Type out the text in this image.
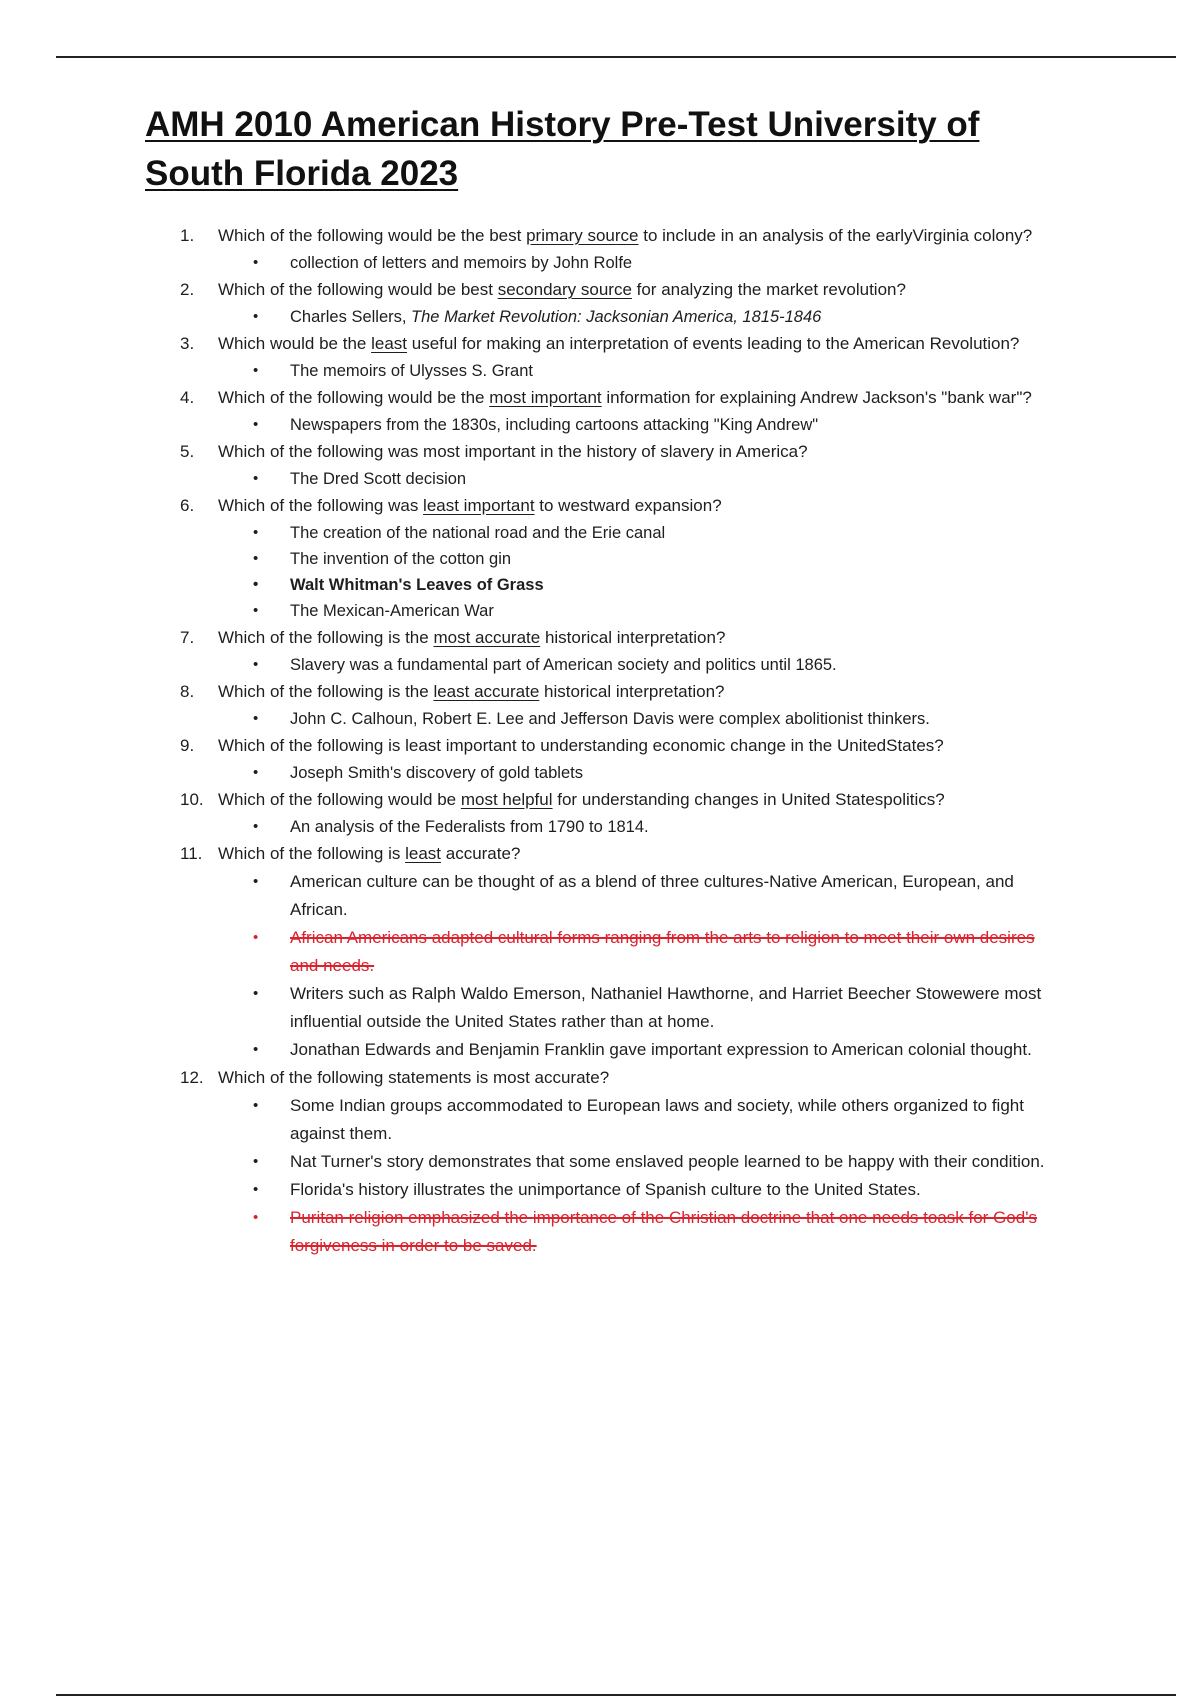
AMH 2010 American History Pre-Test University of South Florida 2023
1.	Which of the following would be the best primary source to include in an analysis of the earlyVirginia colony?

• collection of letters and memoirs by John Rolfe
2.	Which of the following would be best secondary source for analyzing the market revolution?

• Charles Sellers, The Market Revolution: Jacksonian America, 1815-1846
3.	Which would be the least useful for making an interpretation of events leading to the American Revolution?

• The memoirs of Ulysses S. Grant
4.	Which of the following would be the most important information for explaining Andrew Jackson's "bank war"?

• Newspapers from the 1830s, including cartoons attacking "King Andrew"
5.	Which of the following was most important in the history of slavery in America?

• The Dred Scott decision
6.	Which of the following was least important to westward expansion?

• The creation of the national road and the Erie canal
• The invention of the cotton gin
• Walt Whitman's Leaves of Grass
• The Mexican-American War
7.	Which of the following is the most accurate historical interpretation?

• Slavery was a fundamental part of American society and politics until 1865.
8.	Which of the following is the least accurate historical interpretation?

• John C. Calhoun, Robert E. Lee and Jefferson Davis were complex abolitionist thinkers.
9.	Which of the following is least important to understanding economic change in the UnitedStates?

• Joseph Smith's discovery of gold tablets
10. Which of the following would be most helpful for understanding changes in United Statespolitics?

• An analysis of the Federalists from 1790 to 1814.
11. Which of the following is least accurate?

• American culture can be thought of as a blend of three cultures-Native American, European, and African.
• African Americans adapted cultural forms ranging from the arts to religion to meet their own desires and needs.
• Writers such as Ralph Waldo Emerson, Nathaniel Hawthorne, and Harriet Beecher Stowewere most influential outside the United States rather than at home.
• Jonathan Edwards and Benjamin Franklin gave important expression to American colonial thought.
12. Which of the following statements is most accurate?

• Some Indian groups accommodated to European laws and society, while others organized to fight against them.
• Nat Turner's story demonstrates that some enslaved people learned to be happy with their condition.
• Florida's history illustrates the unimportance of Spanish culture to the United States.
• Puritan religion emphasized the importance of the Christian doctrine that one needs toask for God's forgiveness in order to be saved.
